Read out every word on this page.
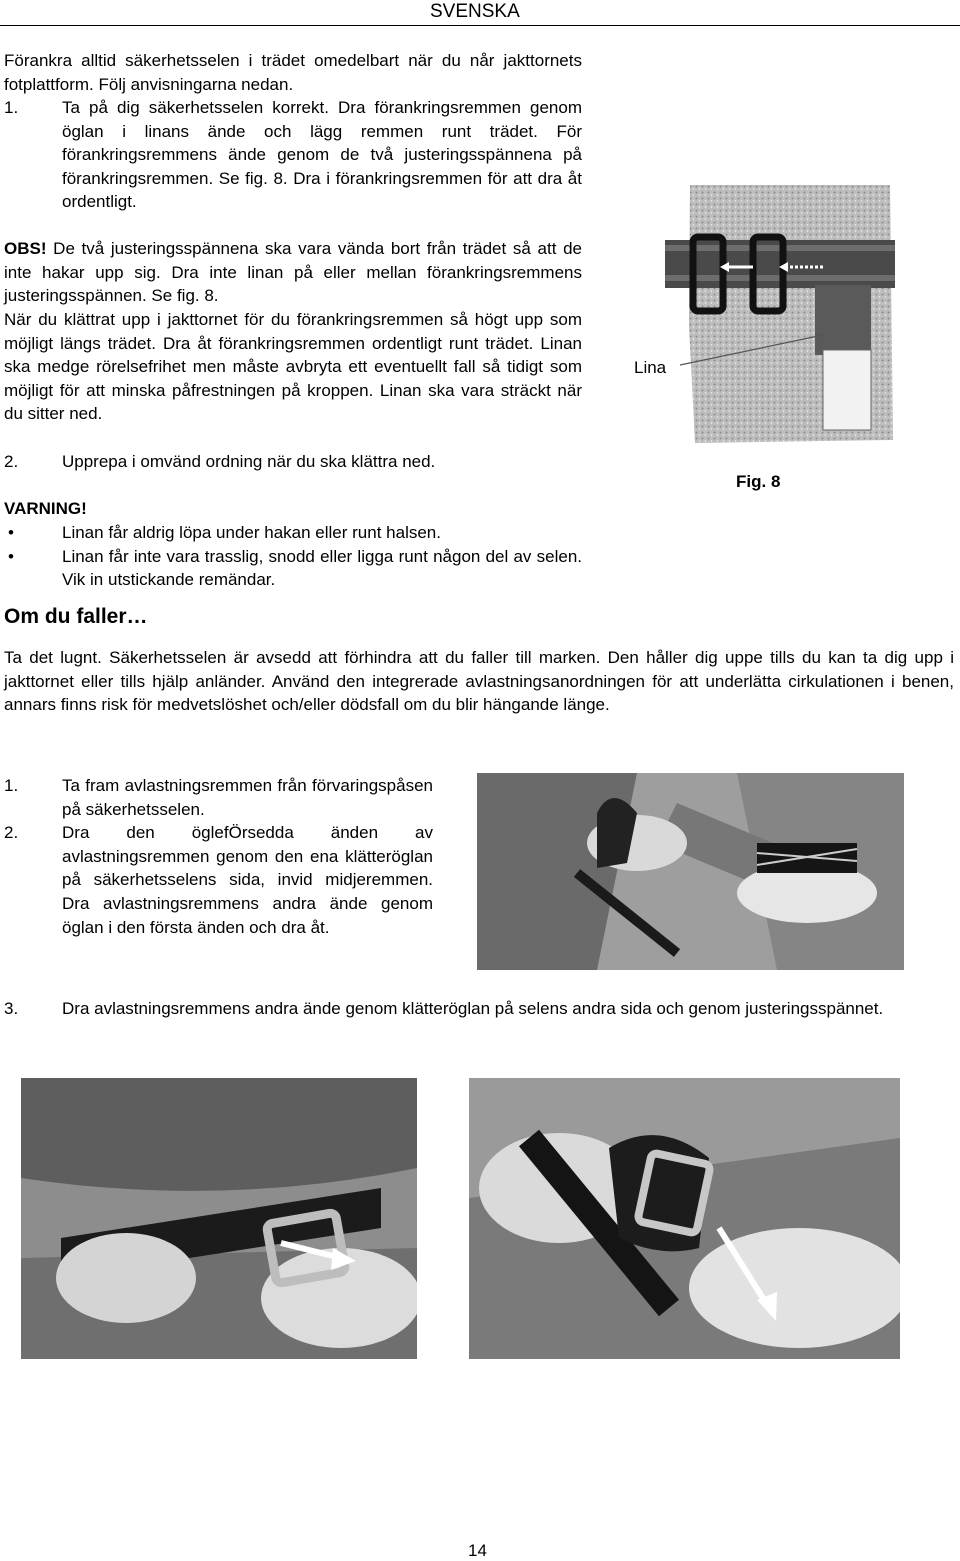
SVENSKA
Förankra alltid säkerhetsselen i trädet omedelbart när du når jakttornets fotplattform. Följ anvisningarna nedan.
1.	Ta på dig säkerhetsselen korrekt. Dra förankringsremmen genom öglan i linans ände och lägg remmen runt trädet. För förankringsremmens ände genom de två justeringsspännena på förankringsremmen. Se fig. 8. Dra i förankringsremmen för att dra åt ordentligt.
OBS! De två justeringsspännena ska vara vända bort från trädet så att de inte hakar upp sig. Dra inte linan på eller mellan förankringsremmens justeringsspännen. Se fig. 8.
När du klättrat upp i jakttornet för du förankringsremmen så högt upp som möjligt längs trädet. Dra åt förankringsremmen ordentligt runt trädet. Linan ska medge rörelsefrihet men måste avbryta ett eventuellt fall så tidigt som möjligt för att minska påfrestningen på kroppen. Linan ska vara sträckt när du sitter ned.
2.	Upprepa i omvänd ordning när du ska klättra ned.
VARNING!
•	Linan får aldrig löpa under hakan eller runt halsen.
•	Linan får inte vara trasslig, snodd eller ligga runt någon del av selen. Vik in utstickande remändar.
Lina
Fig. 8
Om du faller…
Ta det lugnt. Säkerhetsselen är avsedd att förhindra att du faller till marken. Den håller dig uppe tills du kan ta dig upp i jakttornet eller tills hjälp anländer. Använd den integrerade avlastningsanordningen för att underlätta cirkulationen i benen, annars finns risk för medvetslöshet och/eller dödsfall om du blir hängande länge.
1.	Ta fram avlastningsremmen från förvaringspåsen på säkerhetsselen.
2.	Dra den öglefÖrsedda änden av avlastningsremmen genom den ena klätteröglan på säkerhetsselens sida, invid midjeremmen. Dra avlastningsremmens andra ände genom öglan i den första änden och dra åt.
3.	Dra avlastningsremmens andra ände genom klätteröglan på selens andra sida och genom justeringsspännet.
14
